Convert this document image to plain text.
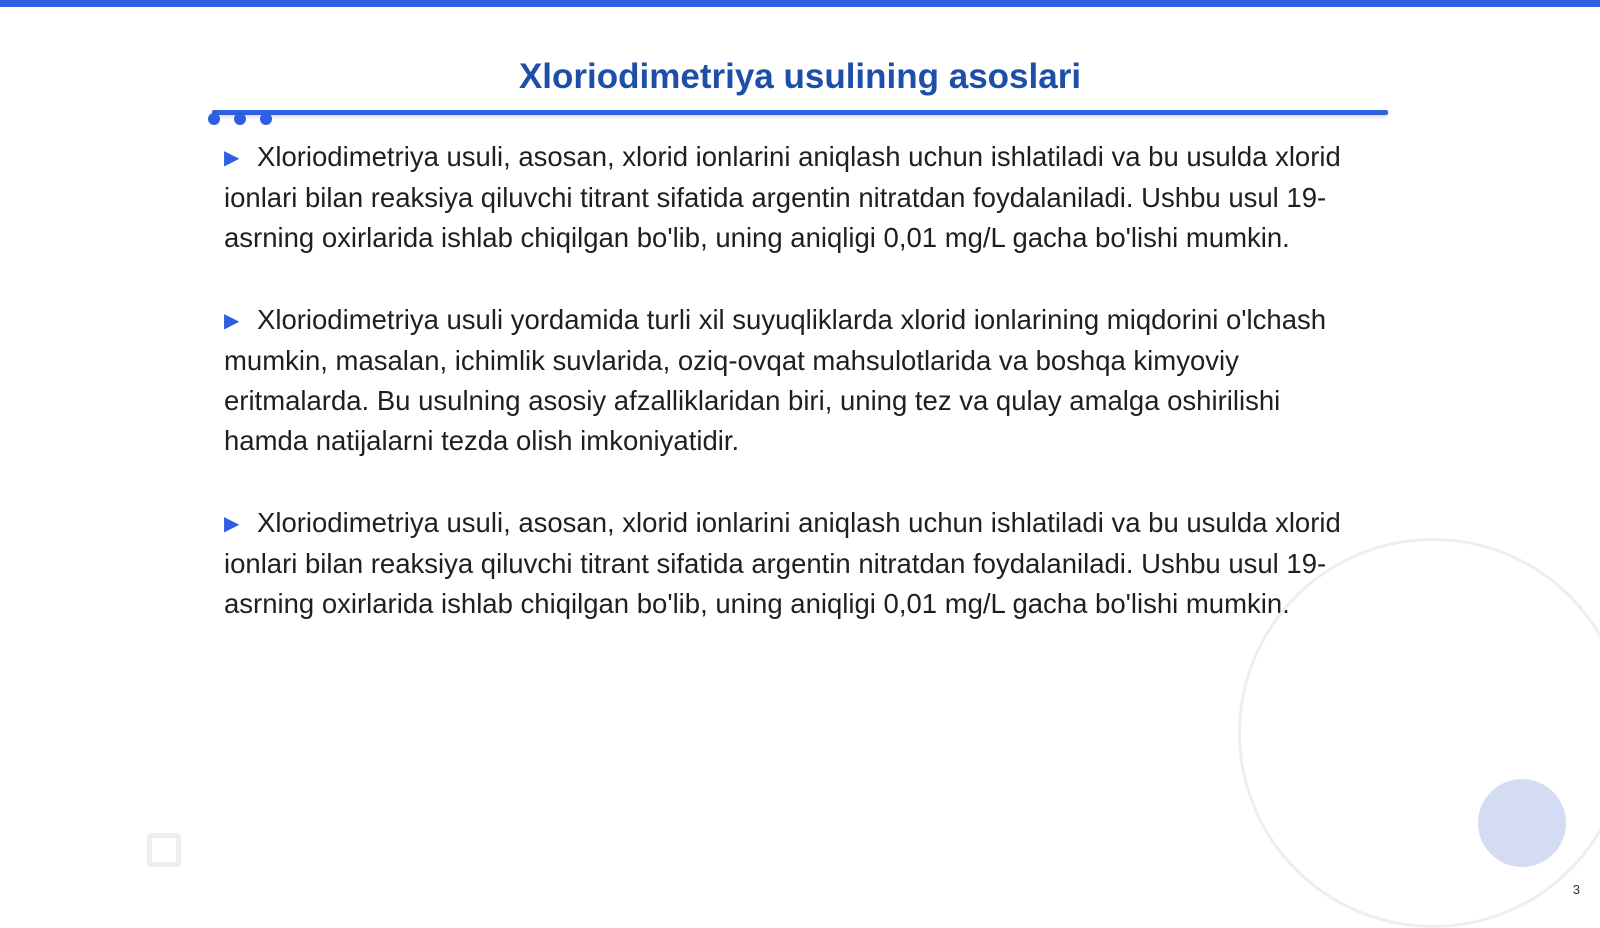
Xloriodimetriya usulining asoslari

▶ Xloriodimetriya usuli, asosan, xlorid ionlarini aniqlash uchun ishlatiladi va bu usulda xlorid ionlari bilan reaksiya qiluvchi titrant sifatida argentin nitratdan foydalaniladi. Ushbu usul 19-asrning oxirlarida ishlab chiqilgan bo'lib, uning aniqligi 0,01 mg/L gacha bo'lishi mumkin.

▶ Xloriodimetriya usuli yordamida turli xil suyuqliklarda xlorid ionlarining miqdorini o'lchash mumkin, masalan, ichimlik suvlarida, oziq-ovqat mahsulotlarida va boshqa kimyoviy eritmalarda. Bu usulning asosiy afzalliklaridan biri, uning tez va qulay amalga oshirilishi hamda natijalarni tezda olish imkoniyatidir.

▶ Xloriodimetriya usuli, asosan, xlorid ionlarini aniqlash uchun ishlatiladi va bu usulda xlorid ionlari bilan reaksiya qiluvchi titrant sifatida argentin nitratdan foydalaniladi. Ushbu usul 19-asrning oxirlarida ishlab chiqilgan bo'lib, uning aniqligi 0,01 mg/L gacha bo'lishi mumkin.

3
